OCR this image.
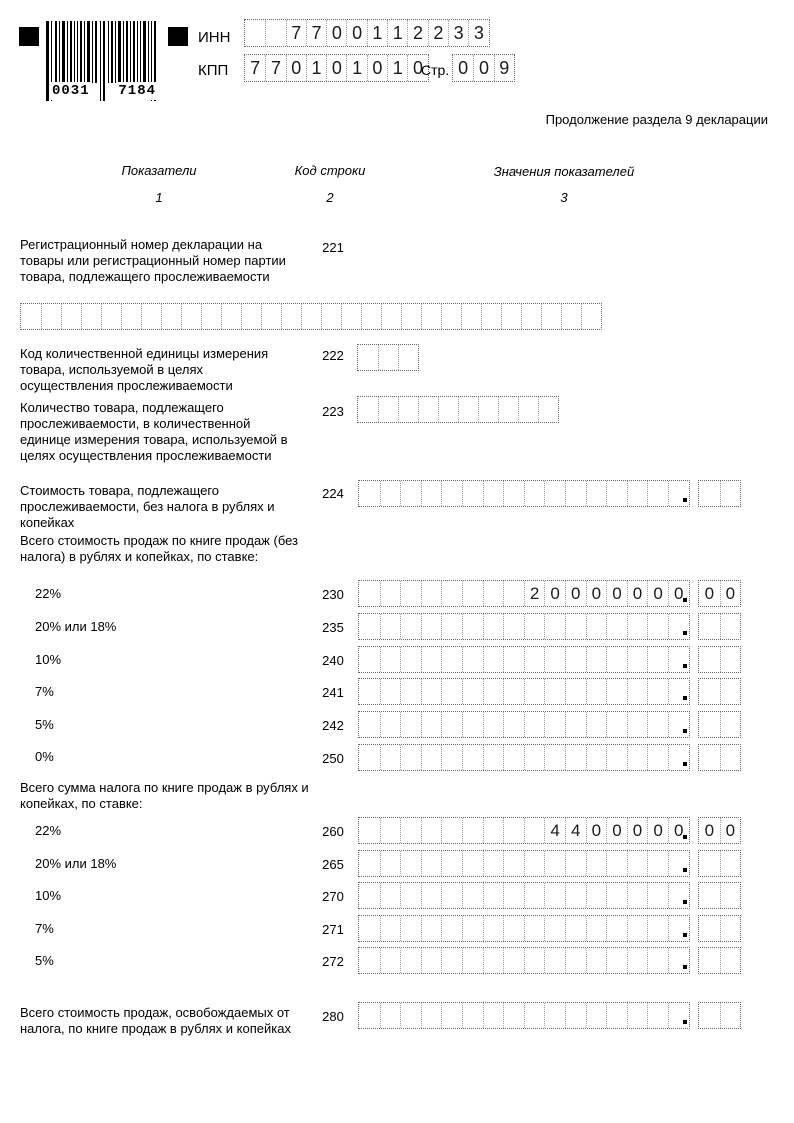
0031 7184
ИНН	7 7 0 0 1 1 2 2 3 3
КПП 7 7 0 1 0 1 0 1 0
Стр. 0 0 9
Продолжение раздела 9 декларации
Показатели	Код строки	Значения показателей
1	2	3
Регистрационный номер декларации на товары или регистрационный номер партии товара, подлежащего прослеживаемости
221
Код количественной единицы измерения товара, используемой в целях осуществления прослеживаемости
222
Количество товара, подлежащего прослеживаемости, в количественной единице измерения товара, используемой в целях осуществления прослеживаемости
223
Стоимость товара, подлежащего прослеживаемости, без налога в рублях и копейках
224
Всего стоимость продаж по книге продаж (без налога) в рублях и копейках, по ставке:
22%	230	2 0 0 0 0 0 0 0	0 0
20% или 18%	235
10%	240
7%	241
5%	242
0%	250
Всего сумма налога по книге продаж в рублях и копейках, по ставке:
22%	260	4 4 0 0 0 0 0	0 0
20% или 18%	265
10%	270
7%	271
5%	272
Всего стоимость продаж, освобождаемых от налога, по книге продаж в рублях и копейках
280
